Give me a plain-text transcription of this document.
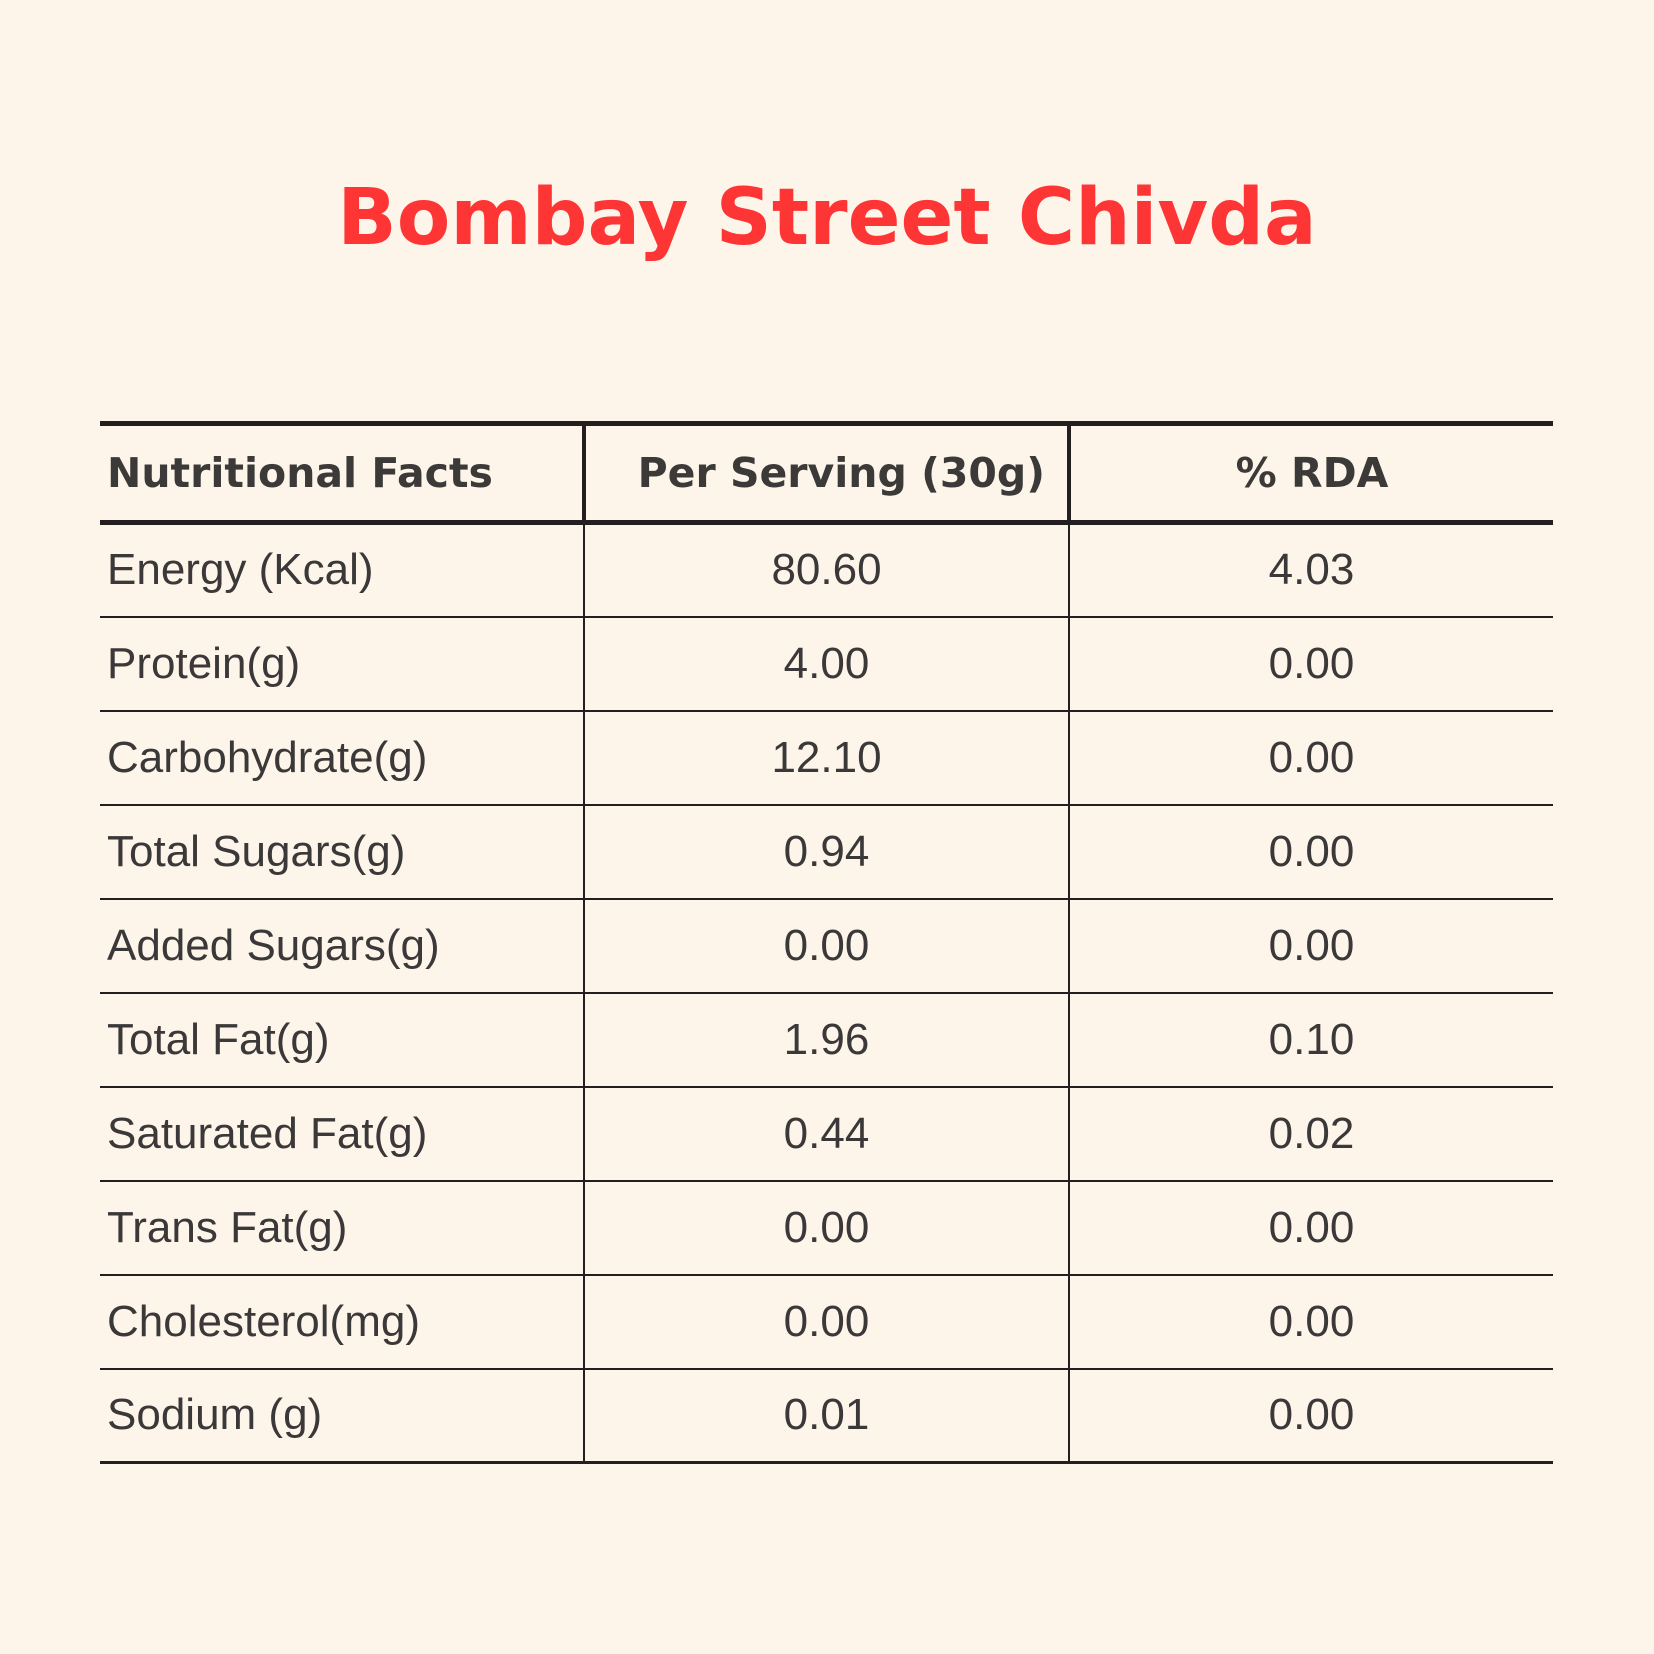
Bombay Street Chivda
Nutritional Facts	Per Serving (30g)	% RDA
Energy (Kcal)	80.60	4.03
Protein(g)	4.00	0.00
Carbohydrate(g)	12.10	0.00
Total Sugars(g)	0.94	0.00
Added Sugars(g)	0.00	0.00
Total Fat(g)	1.96	0.10
Saturated Fat(g)	0.44	0.02
Trans Fat(g)	0.00	0.00
Cholesterol(mg)	0.00	0.00
Sodium (g)	0.01	0.00
